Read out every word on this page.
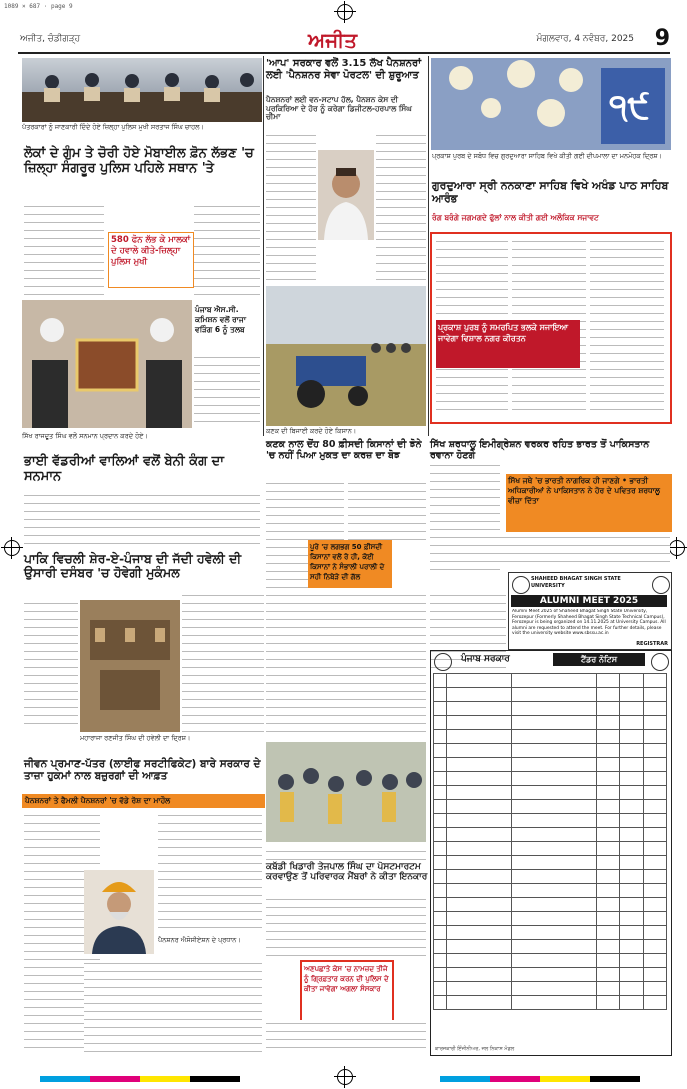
1089 × 687 · page 9
ਅਜੀਤ, ਚੰਡੀਗੜ੍ਹ	ਅਜੀਤ	ਮੰਗਲਵਾਰ, 4 ਨਵੰਬਰ, 2025 9
ਪੱਤਰਕਾਰਾਂ ਨੂੰ ਜਾਣਕਾਰੀ ਦਿੰਦੇ ਹੋਏ ਜ਼ਿਲ੍ਹਾ ਪੁਲਿਸ ਮੁਖੀ ਸਰਤਾਜ ਸਿੰਘ ਚਾਹਲ।
ਲੋਕਾਂ ਦੇ ਗੁੰਮ ਤੇ ਚੋਰੀ ਹੋਏ ਮੋਬਾਈਲ ਫ਼ੋਨ ਲੱਭਣ 'ਚ ਜ਼ਿਲ੍ਹਾ ਸੰਗਰੂਰ ਪੁਲਿਸ ਪਹਿਲੇ ਸਥਾਨ 'ਤੇ
580 ਫੋਨ ਲੱਭ ਕੇ ਮਾਲਕਾਂ ਦੇ ਹਵਾਲੇ ਕੀਤੇ-ਜ਼ਿਲ੍ਹਾ ਪੁਲਿਸ ਮੁਖੀ
'ਆਪ' ਸਰਕਾਰ ਵਲੋਂ 3.15 ਲੱਖ ਪੈਨਸ਼ਨਰਾਂ ਲਈ 'ਪੈਨਸ਼ਨਰ ਸੇਵਾ ਪੋਰਟਲ' ਦੀ ਸ਼ੁਰੂਆਤ
ਪੈਨਸ਼ਨਰਾਂ ਲਈ ਵਨ-ਸਟਾਪ ਹੱਲ, ਪੈਨਸ਼ਨ ਕੇਸ ਦੀ ਪ੍ਰਕਿਰਿਆ ਦੇ ਹੋਰ ਨੂੰ ਕਰੇਗਾ ਡਿਜੀਟਲ-ਹਰਪਾਲ ਸਿੰਘ ਚੀਮਾ	੧੯
ਪ੍ਰਕਾਸ਼ ਪੁਰਬ ਦੇ ਸਬੰਧ ਵਿਚ ਗੁਰਦੁਆਰਾ ਸਾਹਿਬ ਵਿਖੇ ਕੀਤੀ ਗਈ ਦੀਪਮਾਲਾ ਦਾ ਮਨਮੋਹਕ ਦ੍ਰਿਸ਼।
ਗੁਰਦੁਆਰਾ ਸ੍ਰੀ ਨਨਕਾਣਾ ਸਾਹਿਬ ਵਿਖੇ ਅਖੰਡ ਪਾਠ ਸਾਹਿਬ ਆਰੰਭ
ਰੰਗ ਬਰੰਗੇ ਜਗਮਗਦੇ ਫੁੱਲਾਂ ਨਾਲ ਕੀਤੀ ਗਈ ਅਲੌਕਿਕ ਸਜਾਵਟ
ਪ੍ਰਕਾਸ਼ ਪੁਰਬ ਨੂੰ ਸਮਰਪਿਤ ਭਲਕੇ ਸਜਾਇਆ ਜਾਵੇਗਾ ਵਿਸ਼ਾਲ ਨਗਰ ਕੀਰਤਨ
ਪੰਜਾਬ ਐਸ.ਸੀ. ਕਮਿਸ਼ਨ ਵਲੋਂ ਰਾਜਾ ਵੜਿੰਗ 6 ਨੂੰ ਤਲਬ
ਸਿੱਖ ਰਾਜਦੂਤ ਸਿੰਘ ਵਲੋਂ ਸਨਮਾਨ ਪ੍ਰਦਾਨ ਕਰਦੇ ਹੋਏ।
ਭਾਈ ਵੱਡਰੀਆਂ ਵਾਲਿਆਂ ਵਲੋਂ ਬੇਨੀ ਕੰਗ ਦਾ ਸਨਮਾਨ
ਕਣਕ ਦੀ ਬਿਜਾਈ ਕਰਦੇ ਹੋਏ ਕਿਸਾਨ।
ਕਣਕ ਨਾਲ ਦੋਂਹ 80 ਫ਼ੀਸਦੀ ਕਿਸਾਨਾਂ ਦੀ ਝੋਨੇ 'ਚ ਨਹੀਂ ਪਿਆ ਮੁਕਤ ਦਾ ਕਰਜ਼ ਦਾ ਬੋਝ
ਪੂਰੇ 'ਚ ਲਗਭਗ 50 ਫ਼ੀਸਦੀ ਕਿਸਾਨਾਂ ਵਲੋਂ ਰੋ ਹੀ, ਕੋਈ ਕਿਸਾਨਾਂ ਨੇ ਸੰਭਾਲੀ ਪਰਾਲੀ ਦੇ ਸਹੀ ਨਿਬੇੜੇ ਦੀ ਗੱਲ
ਸਿੱਖ ਸ਼ਰਧਾਲੂ ਇਮੀਗ੍ਰੇਸ਼ਨ ਵਰਕਰ ਰਹਿਤ ਭਾਰਤ ਤੋਂ ਪਾਕਿਸਤਾਨ ਰਵਾਨਾ ਹੋਣਗੇ
ਸਿੱਖ ਜਥੇ 'ਚ ਭਾਰਤੀ ਨਾਗਰਿਕ ਹੀ ਜਾਣਗੇ • ਭਾਰਤੀ ਅਧਿਕਾਰੀਆਂ ਨੇ ਪਾਕਿਸਤਾਨ ਨੇ ਹੋਰ ਦੇ ਪਵਿਤਰ ਸ਼ਰਧਾਲੂ ਵੀਜ਼ਾ ਦਿੱਤਾ
SHAHEED BHAGAT SINGH STATE UNIVERSITY
ALUMNI MEET 2025
Alumni Meet 2025 of Shaheed Bhagat Singh State University, Ferozepur (Formerly Shaheed Bhagat Singh State Technical Campus), Ferozepur is being organized on 14.11.2025 at University Campus. All alumni are requested to attend the meet. For further details, please visit the university website www.sbssu.ac.in
REGISTRAR
ਪਾਕਿ ਵਿਚਲੀ ਸ਼ੇਰ-ਏ-ਪੰਜਾਬ ਦੀ ਜੱਦੀ ਹਵੇਲੀ ਦੀ ਉਸਾਰੀ ਦਸੰਬਰ 'ਚ ਹੋਵੇਗੀ ਮੁਕੰਮਲ
ਮਹਾਰਾਜਾ ਰਣਜੀਤ ਸਿੰਘ ਦੀ ਹਵੇਲੀ ਦਾ ਦ੍ਰਿਸ਼।
ਜੀਵਨ ਪ੍ਰਮਾਣ-ਪੱਤਰ (ਲਾਈਫ ਸਰਟੀਫਿਕੇਟ) ਬਾਰੇ ਸਰਕਾਰ ਦੇ ਤਾਜ਼ਾ ਹੁਕਮਾਂ ਨਾਲ ਬਜ਼ੁਰਗਾਂ ਦੀ ਆਫ਼ਤ
ਪੈਨਸ਼ਨਰਾਂ ਤੇ ਫੈਮਲੀ ਪੈਨਸ਼ਨਰਾਂ 'ਚ ਵੱਡੇ ਰੋਸ਼ ਦਾ ਮਾਹੌਲ
ਪੈਨਸ਼ਨਰ ਐਸੋਸੀਏਸ਼ਨ ਦੇ ਪ੍ਰਧਾਨ।
ਕਬੱਡੀ ਖਿਡਾਰੀ ਤੇਜਪਾਲ ਸਿੰਘ ਦਾ ਪੋਸਟਮਾਰਟਮ ਕਰਵਾਉਣ ਤੋਂ ਪਰਿਵਾਰਕ ਮੈਂਬਰਾਂ ਨੇ ਕੀਤਾ ਇਨਕਾਰ
ਅਣਪਛਾਤੇ ਕੇਸ 'ਚ ਨਾਮਜ਼ਦ ਤੀਜੇ ਨੂੰ ਗ੍ਰਿਫ਼ਤਾਰ ਕਰਨ ਦੀ ਪੁਲਿਸ ਦੇ ਕੀਤਾ ਜਾਵੇਗਾ ਅਗਲਾ ਸੰਸਕਾਰ
ਪੰਜਾਬ ਸਰਕਾਰ	ਟੈਂਡਰ ਨੋਟਿਸ

ਕਾਰਜਕਾਰੀ ਇੰਜੀਨੀਅਰ, ਜਲ ਨਿਕਾਸ ਮੰਡਲ
